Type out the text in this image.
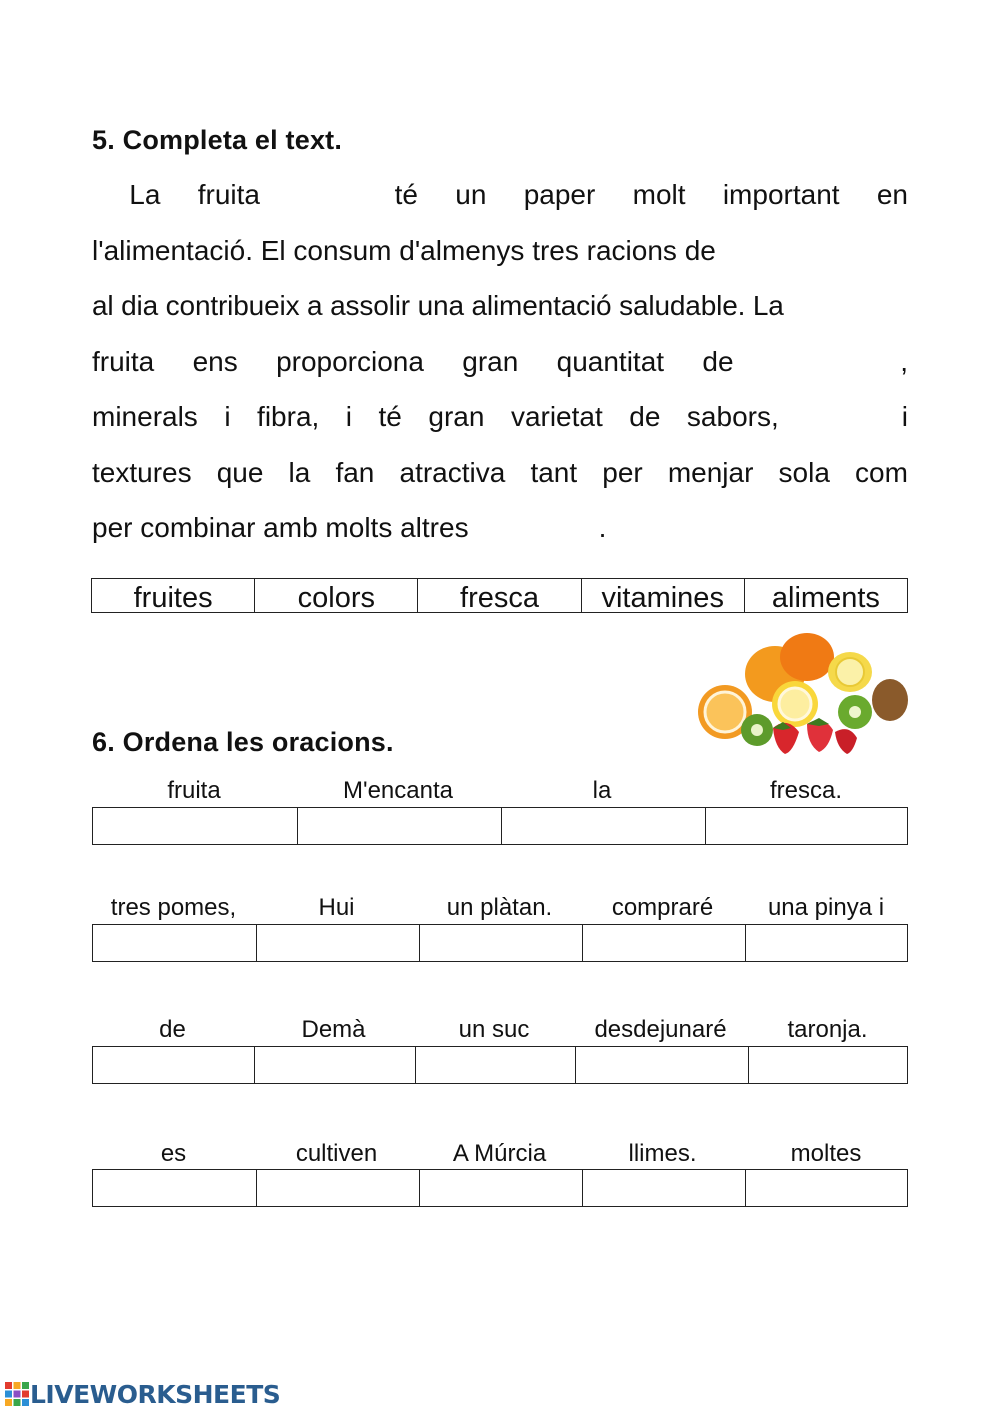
5. Completa el text.
La fruita	té un paper molt important en
l'alimentació. El consum d'almenys tres racions de
al dia contribueix a assolir una alimentació saludable. La
fruita ens proporciona gran quantitat de	,
minerals i fibra, i té gran varietat de sabors,	i
textures que la fan atractiva tant per menjar sola com
per combinar amb molts altres	.
fruites	colors	fresca	vitamines	aliments
6. Ordena les oracions.
fruita	M'encanta	la	fresca.
tres pomes,	Hui	un plàtan.	compraré	una pinya i
de	Demà	un suc	desdejunaré	taronja.
es	cultiven	A Múrcia	llimes.	moltes
LIVEWORKSHEETS
